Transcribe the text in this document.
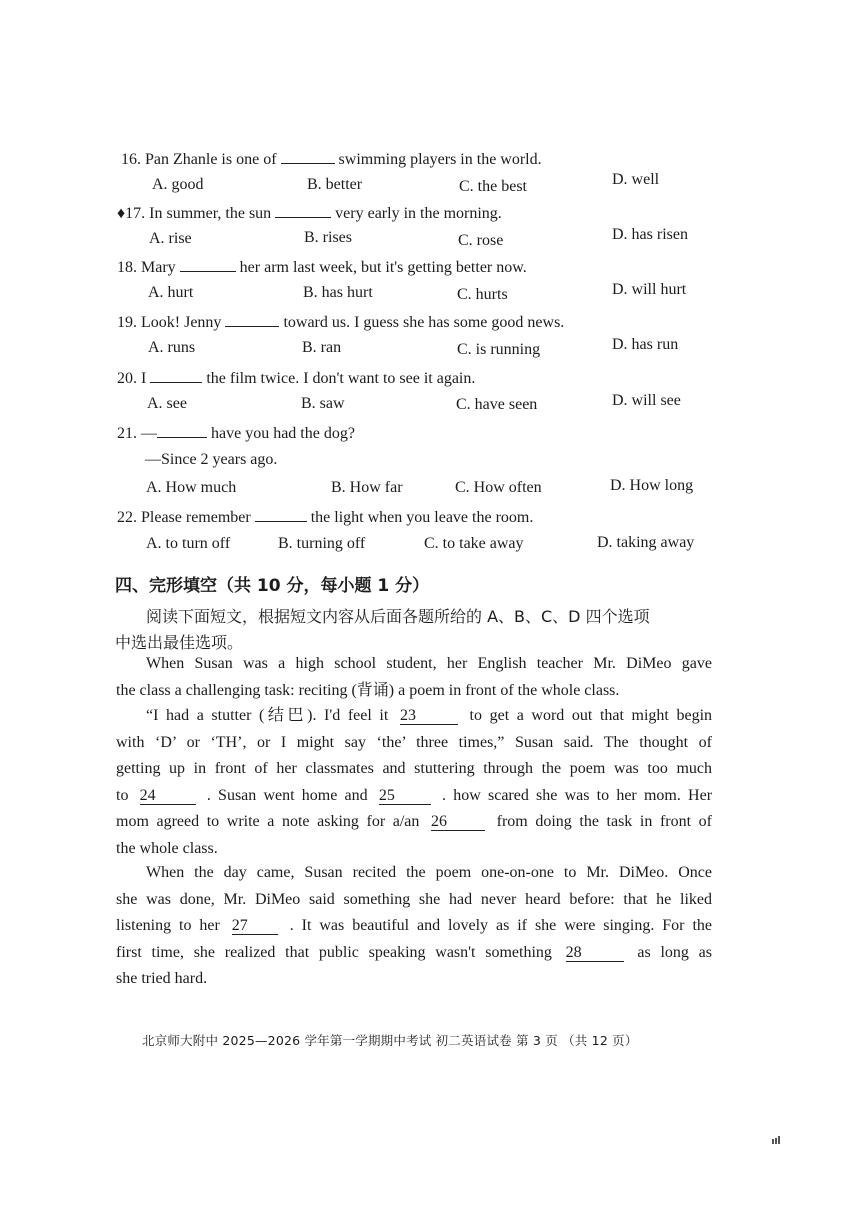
16. Pan Zhanle is one of	swimming players in the world.
A. good	B. better	C. the best	D. well
♦17. In summer, the sun	very early in the morning.
A. rise	B. rises	C. rose	D. has risen
18. Mary	her arm last week, but it's getting better now.
A. hurt	B. has hurt	C. hurts	D. will hurt
19. Look! Jenny	toward us. I guess she has some good news.
A. runs	B. ran	C. is running	D. has run
20. I	the film twice. I don't want to see it again.
A. see	B. saw	C. have seen	D. will see
21. —	have you had the dog?
—Since 2 years ago.
A. How much	B. How far	C. How often	D. How long
22. Please remember	the light when you leave the room.
A. to turn off	B. turning off	C. to take away	D. taking away
四、完形填空（共 10 分，每小题 1 分）
阅读下面短文，根据短文内容从后面各题所给的 A、B、C、D 四个选项
中选出最佳选项。
When Susan was a high school student, her English teacher Mr. DiMeo gave
the class a challenging task: reciting (背诵) a poem in front of the whole class.
“I had a stutter (结巴). I'd feel it 23	to get a word out that might begin
with ‘D’ or ‘TH’, or I might say ‘the’ three times,” Susan said. The thought of
getting up in front of her classmates and stuttering through the poem was too much
to 24	. Susan went home and 25	. how scared she was to her mom. Her
mom agreed to write a note asking for a/an 26	from doing the task in front of
the whole class.
When the day came, Susan recited the poem one-on-one to Mr. DiMeo. Once
she was done, Mr. DiMeo said something she had never heard before: that he liked
listening to her 27	. It was beautiful and lovely as if she were singing. For the
first time, she realized that public speaking wasn't something 28	as long as
she tried hard.
北京师大附中 2025—2026 学年第一学期期中考试 初二英语试卷 第 3 页 （共 12 页）
